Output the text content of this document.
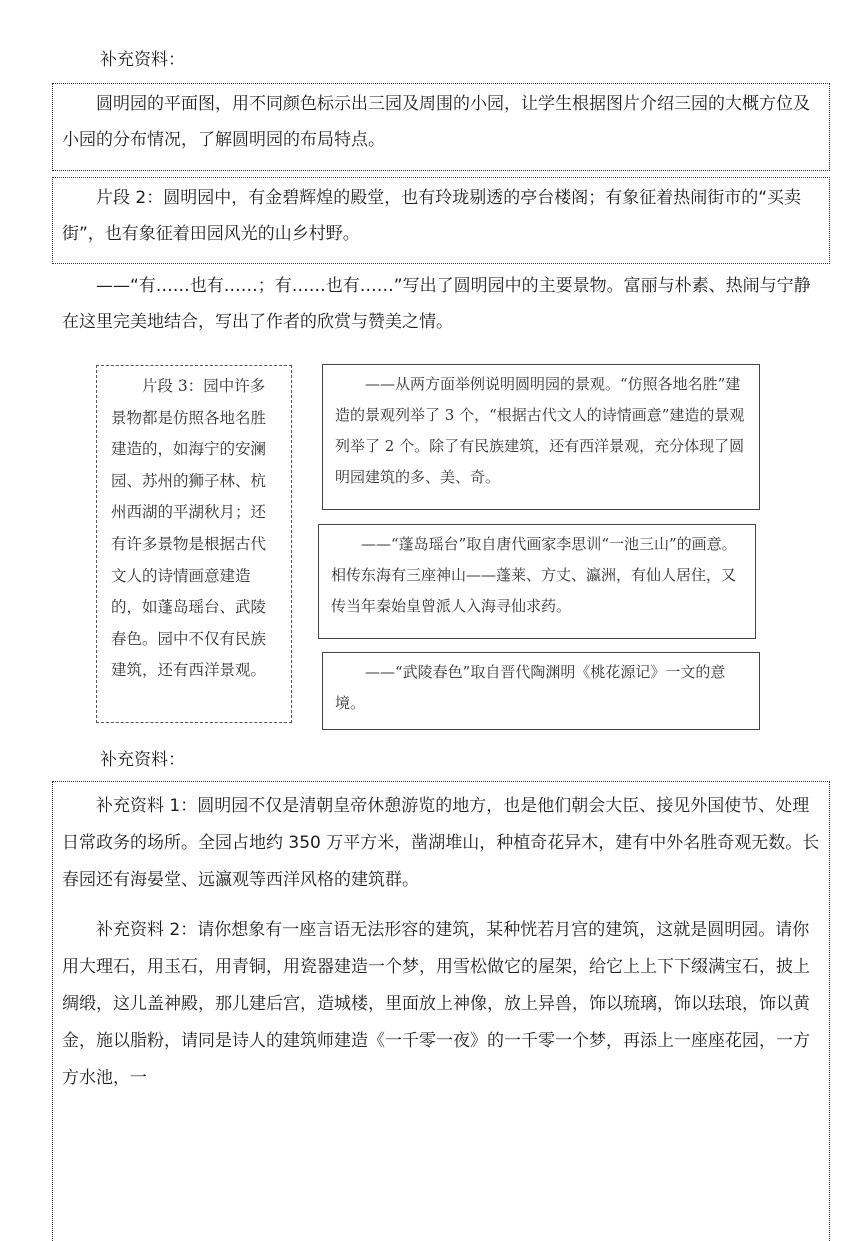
补充资料：
圆明园的平面图，用不同颜色标示出三园及周围的小园，让学生根据图片介绍三园的大概方位及小园的分布情况，了解圆明园的布局特点。
片段 2：圆明园中，有金碧辉煌的殿堂，也有玲珑剔透的亭台楼阁；有象征着热闹街市的“买卖街”，也有象征着田园风光的山乡村野。
——“有……也有……；有……也有……”写出了圆明园中的主要景物。富丽与朴素、热闹与宁静在这里完美地结合，写出了作者的欣赏与赞美之情。
片段 3：园中许多景物都是仿照各地名胜建造的，如海宁的安澜园、苏州的狮子林、杭州西湖的平湖秋月；还有许多景物是根据古代文人的诗情画意建造的，如蓬岛瑶台、武陵春色。园中不仅有民族建筑，还有西洋景观。
——从两方面举例说明圆明园的景观。“仿照各地名胜”建造的景观列举了 3 个，“根据古代文人的诗情画意”建造的景观列举了 2 个。除了有民族建筑，还有西洋景观，充分体现了圆明园建筑的多、美、奇。
——“蓬岛瑶台”取自唐代画家李思训“一池三山”的画意。相传东海有三座神山——蓬莱、方丈、瀛洲，有仙人居住，又传当年秦始皇曾派人入海寻仙求药。
——“武陵春色”取自晋代陶渊明《桃花源记》一文的意境。
补充资料：
补充资料 1：圆明园不仅是清朝皇帝休憩游览的地方，也是他们朝会大臣、接见外国使节、处理日常政务的场所。全园占地约 350 万平方米，凿湖堆山，种植奇花异木，建有中外名胜奇观无数。长春园还有海晏堂、远瀛观等西洋风格的建筑群。
补充资料 2：请你想象有一座言语无法形容的建筑，某种恍若月宫的建筑，这就是圆明园。请你用大理石，用玉石，用青铜，用瓷器建造一个梦，用雪松做它的屋架，给它上上下下缀满宝石，披上绸缎，这儿盖神殿，那儿建后宫，造城楼，里面放上神像，放上异兽，饰以琉璃，饰以珐琅，饰以黄金，施以脂粉，请同是诗人的建筑师建造《一千零一夜》的一千零一个梦，再添上一座座花园，一方方水池，一
